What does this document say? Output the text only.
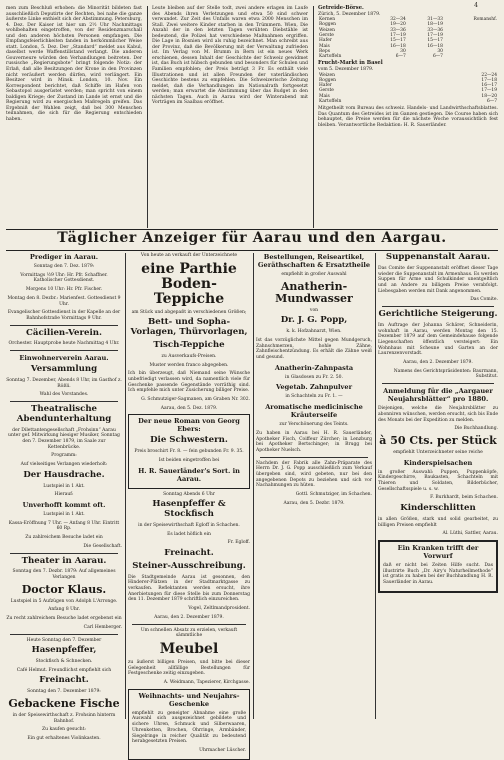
4
men zum Beschluß erhoben: die Minorität bildeten fast ausschließlich Deputirte der Rechten, bei nahe die ganze äußerste Linke enthielt sich der Abstimmung. Petersburg, 4. Dez. Der Kaiser ist hier um 2½ Uhr Nachmittags wohlbehalten eingetroffen, von der Residenzmarschall und den anderen höchsten Personen empfangen. Die Empfangsfeierlichkeiten fanden in herkömmlicher Weise statt. London, 5. Dez. Der „Standard“ meldet aus Kabul, daselbst werde Waffenstillstand verlangt. Die anderen Gouverneure würden den Verhandlungen beitreten. Der russische „Regierungsbote“ bringt folgende Notiz: der Erlaß, daß alle Besitzungen der Krone in den Provinzen nicht veräußert werden dürfen, wird verlängert. Ein Besitzer wird in Minsk. London, 10. Nov. Ein Korrespondent berichtet, daß Schiffe im Hafen von Sebastopol ausgerüstet werden; man spricht von einem baldigen Kriege; der Zustand im Lande ist ernst und die Regierung wird zu energischen Maßregeln greifen. Das Ergebniß der Wahlen zeigt, daß bei 300 Menschen teilnahmen, die sich für die Regierung entschieden haben.
Leute bleiben auf der Stelle todt, zwei andere erlagen im Laufe des Abends ihren Verletzungen und etwa 50 sind schwer verwundet. Zur Zeit des Unfalls waren etwa 2000 Menschen im Stall. Zwei weitere Kinder starben in den Trümmern. Wien, Die Anzahl der in den letzten Tagen verübten Diebstähle ist bedeutend, die Polizei hat verschiedene Maßnahmen ergriffen. Die Lage in Bosnien wird als ruhig bezeichnet. Man schreibt aus der Provinz, daß die Bevölkerung mit der Verwaltung zufrieden ist. Im Verlag von M. Brumm in Bern ist ein neues Werk erschienen, dessen Inhalt der Geschichte der Schweiz gewidmet ist, das Buch ist hübsch gebunden und besonders für Schulen und Familien empfohlen; der Preis beträgt 3 Fr. Es enthält viele Illustrationen und ist allen Freunden der vaterländischen Geschichte bestens zu empfehlen. Die Schweizerische Zeitung meldet, daß die Verhandlungen im Nationalrath fortgesetzt werden; man erwartet die Abstimmung über das Budget in den nächsten Tagen. Auch in Aarau wird der Winterabend mit Vorträgen im Saalbau eröffnet.
Getreide-Börse.
Zürich, 5. Dezember 1879.
Kernen	32—34	31—33	Romanshf.
Roggen	19—20	18—19	
Weizen	33—36	33—36	
Gerste	17—19	17—19	
Hafer	15—17	15—17	
Mais	16—18	16—18	
Reps	30	30	
Kartoffeln	6—7	6—7	
Frucht-Markt in Basel
vom 5. Dezember 1879.
Weizen	22—24
Roggen	17—18
Hafer	16—17
Gerste	17—19
Mais	18—20
Kartoffeln	6—7
Mitgetheilt vom Bureau des schweiz. Handels- und Landwirthschaftsblattes. Das Quantum des Getreides ist im Ganzen gestiegen. Die Course haben sich behauptet, die Preise werden für die nächste Woche voraussichtlich fest bleiben. Verantwortliche Redaktion: H. R. Sauerländer.
Täglicher Anzeiger für Aarau und den Aargau.
Prediger in Aarau.
Sonntag den 7. Dez. 1879:
Vormittags ½9 Uhr: Hr. Pfr. Schaffner. Katholischer Gottesdienst.
Morgens 10 Uhr: Hr. Pfr. Fischer.
Montag den 8. Dezbr.: Marienfest. Gottesdienst 9 Uhr.
Evangelischer Gottesdienst in der Kapelle an der Bahnhofstraße Vormittags 9 Uhr.
Cäcilien-Verein.
Orchester. Hauptprobe heute Nachmittag 4 Uhr.
Einwohnerverein Aarau.
Versammlung
Sonntag 7. Dezember, Abends 8 Uhr, im Gasthof z. Rößli.
Wahl des Vorstandes.
Theatralische Abendunterhaltung
der Dilettantengesellschaft „Frohsinn“ Aarau unter gef. Mitwirkung hiesiger Musiker, Sonntag den 7. Dezember 1879, im Saale zur Kettenbrücke.
Programm:
Auf vielseitiges Verlangen wiederholt:
Der Hausdrache.
Lustspiel in 1 Akt.
Hierauf:
Unverhofft kommt oft.
Lustspiel in 1 Akt.
Kassa-Eröffnung 7 Uhr. — Anfang 8 Uhr. Eintritt 60 Rp.
Zu zahlreichem Besuche ladet ein
Die Gesellschaft.
Theater in Aarau.
Sonntag den 7. Dezbr. 1879: Auf allgemeines Verlangen
Doctor Klaus.
Lustspiel in 5 Aufzügen von Adolph L'Arronge.
Anfang 8 Uhr.
Zu recht zahlreichem Besuche ladet ergebenst ein
Carl Hemberger.
Heute Sonntag den 7. Dezember
Hasenpfeffer,
Stockfisch & Schnecken.
Café Helmut. Freundlichst empfiehlt sich
Freinacht.
Sonntag den 7. Dezember 1879:
Gebackene Fische
in der Speisewirthschaft z. Frohsinn hinterm Bahnhof.
Zu kaufen gesucht:
Ein gut erhaltenes Violinkasten.
Von heute an verkauft der Unterzeichnete
eine Parthie Boden-Teppiche
am Stück und abgepaßt in verschiedenen Größen;
Bett- und Sopha-Vorlagen, Thürvorlagen,
Tisch-Teppiche
zu Ausverkaufs-Preisen.
Muster werden franco abgegeben.
Ich bin überzeugt, daß Niemand seine Wünsche unbefriedigt verlassen wird, da namentlich viele für Geschenke passende Gegenstände vorräthig sind. Ich empfehle mich unter Zusicherung billiger Preise.
G. Schmutziger-Sagmanen, am Graben Nr. 302.
Aarau, den 5. Dez. 1879.
Der neue Roman von Georg Ebers:
Die Schwestern.
Preis broschirt Fr. 8. — fein gebunden Fr. 9. 35.
Ist beiden eingetroffen bei
H. R. Sauerländer's Sort. in Aarau.
Sonntag Abends 6 Uhr
Hasenpfeffer & Stockfisch
in der Speisewirthschaft Egloff in Schachen.
Es ladet höflich ein
Fr. Egloff.
Freinacht.
Steiner-Ausschreibung.
Die Stadtgemeinde Aarau ist gesonnen, den Hinderer-Plätzen in der Stadtmarktgasse zu verkaufen. Reflektanten werden ersucht, ihre Anerbietungen für diese Stelle bis zum Donnerstag den 11. Dezember 1879 schriftlich einzureichen.
Vogel, Zeltlmandprosident.
Aarau, den 2. Dezember 1879.
Um schnellen Absatz zu erzielen, verkauft sämmtliche
Meubel
zu äußerst billigen Preisen, und bitte bei dieser Gelegenheit allfällige Bestellungen für Festgeschenke zeitig einzugeben.
A. Weidmann, Tapezierer, Kirchgasse.
Weihnachts- und Neujahrs-Geschenke
empfiehlt zu geneigter Abnahme eine große Auswahl sich ausgezeichnet gebildete und sichere Uhren, Schmuck und Silberwaaren, Uhrenketten, Brochen, Ohrringe, Armbänder, Siegelringe in reicher Qualität zu bedeutend herabgesetzten Preisen.
Uhrmacher Lüscher.
Bestellungen, Reiseartikel, Geräthschaften & Ersatztheile
empfiehlt in großer Auswahl
Anatherin-Mundwasser
von
Dr. J. G. Popp,
k. k. Hofzahnarzt, Wien.
Ist das vorzüglichste Mittel gegen Mundgeruch, Zahnschmerzen, hohle Zähne, Zahnfleischentzündung. Es erhält die Zähne weiß und gesund.
Anatherin-Zahnpasta
in Glasdosen zu Fr. 2. 50.
Vegetab. Zahnpulver
in Schachteln zu Fr. 1. —
Aromatische medicinische Kräuterseife
zur Verschönerung des Teints.
Zu haben in Aarau bei H. R. Sauerländer, Apotheker Fisch, Coiffeur Zürcher; in Lenzburg bei Apotheker Bertschinger; in Brugg bei Apotheker Nuelsch.
Nachdem der Fabrik alle Zahn-Präparate des Herrn Dr. J. G. Popp ausschließlich zum Verkauf übergeben sind, wird gebeten, nur bei den angegebenen Depots zu beziehen und sich vor Nachahmungen zu hüten.
Gottl. Schmutziger, im Schachen.
Aarau, den 5. Dezbr. 1879.
Suppenanstalt Aarau.
Das Comite der Suppenanstalt eröffnet dieser Tage wieder die Suppenanstalt im Armenhaus. Es werden Suppen für Arme und Schulkinder unentgeltlich und an Andere zu billigem Preise verabfolgt. Liebesgaben werden mit Dank angenommen.
Das Comite.
Gerichtliche Steigerung.
Im Auftrage der Johanna Schärer, Schneiderin, wohnhaft in Aarau, werden Montag den 15. Dezember 1879 auf dem Gemeindehause folgende Liegenschaften öffentlich versteigert: Ein Wohnhaus mit Scheune und Garten an der Laurenzenvorstadt.
Aarau, den 2. Dezember 1879.
Namens des Gerichtspräsidenten: Baurmann, Substitut.
Anmeldung für die „Aargauer Neujahrsblätter“ pro 1880.
Diejenigen, welche die Neujahrsblätter zu abonniren wünschen, werden ersucht, sich bis Ende des Monats bei der Expedition zu melden.
Die Buchhandlung.
à 50 Cts. per Stück
empfiehlt Unterzeichneter seine reiche
Kinderspielsachen
in großer Auswahl: Puppen, Puppenköpfe, Kindergeschirre, Baukasten, Schachteln mit Thieren und Soldaten, Bilderbücher, Gesellschaftsspiele u. s. w.
F. Burkhardt, beim Schachen.
Kinderschlitten
in allen Größen, stark und solid gearbeitet, zu billigen Preisen empfiehlt
Al. Lüthi, Sattler, Aarau.
Ein Kranken trifft der Vorwurf
daß er nicht bei Zeiten Hilfe sucht. Das illustrirte Buch „Dr. Airy's Naturheilmethode“ ist gratis zu haben bei der Buchhandlung H. R. Sauerländer in Aarau.
